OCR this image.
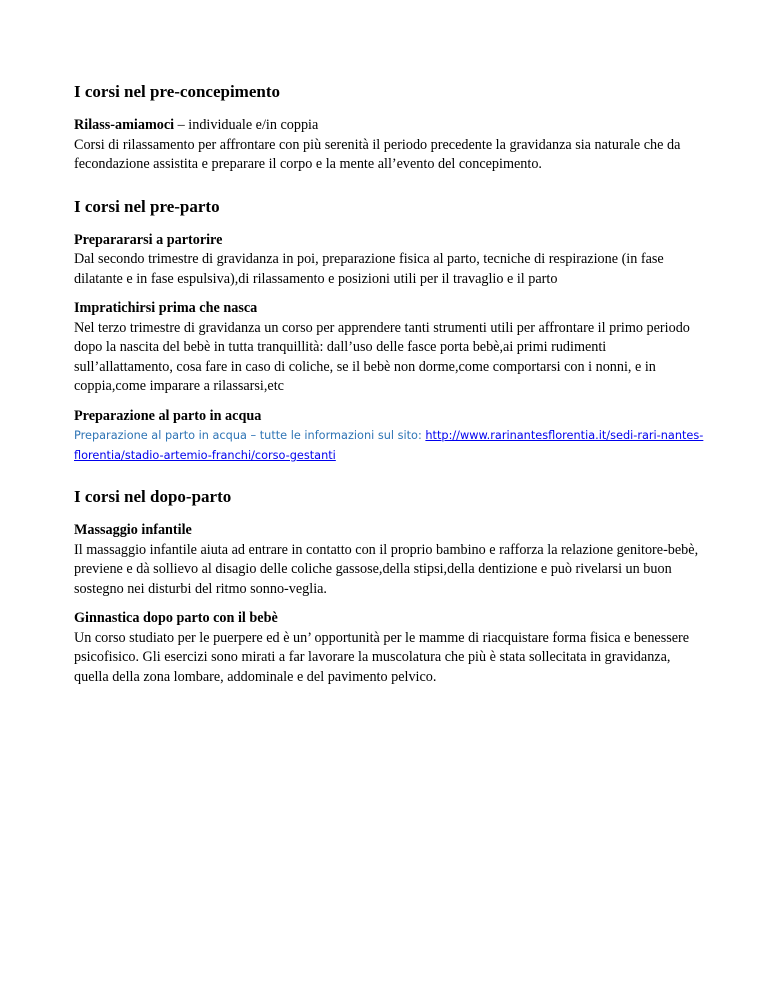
I corsi nel pre-concepimento
Rilass-amiamoci – individuale e/in coppia
Corsi di rilassamento per affrontare con più serenità il periodo precedente la gravidanza sia naturale che da fecondazione assistita e preparare il corpo e la mente all’evento del concepimento.
I corsi nel pre-parto
Preparararsi a partorire
Dal secondo trimestre di gravidanza in poi, preparazione fisica al parto, tecniche di respirazione (in fase dilatante e in fase espulsiva),di rilassamento e posizioni utili per il travaglio e il parto
Impratichirsi prima che nasca
Nel terzo trimestre di gravidanza un corso per apprendere tanti strumenti utili per affrontare il primo periodo dopo la nascita del bebè in tutta tranquillità: dall’uso delle fasce porta bebè,ai primi rudimenti sull’allattamento, cosa fare in caso di coliche, se il bebè non dorme,come comportarsi con i nonni, e in coppia,come imparare a rilassarsi,etc
Preparazione al parto in acqua
Preparazione al parto in acqua – tutte le informazioni sul sito: http://www.rarinantesflorentia.it/sedi-rari-nantes-florentia/stadio-artemio-franchi/corso-gestanti
I corsi nel dopo-parto
Massaggio infantile
Il massaggio infantile aiuta ad entrare in contatto con il proprio bambino e rafforza la relazione genitore-bebè, previene e dà sollievo al disagio delle coliche gassose,della stipsi,della dentizione e può rivelarsi un buon sostegno nei disturbi del ritmo sonno-veglia.
Ginnastica dopo parto con il bebè
Un corso studiato per le puerpere ed è un’ opportunità per le mamme di riacquistare forma fisica e benessere psicofisico. Gli esercizi sono mirati a far lavorare la muscolatura che più è stata sollecitata in gravidanza, quella della zona lombare, addominale e del pavimento pelvico.
